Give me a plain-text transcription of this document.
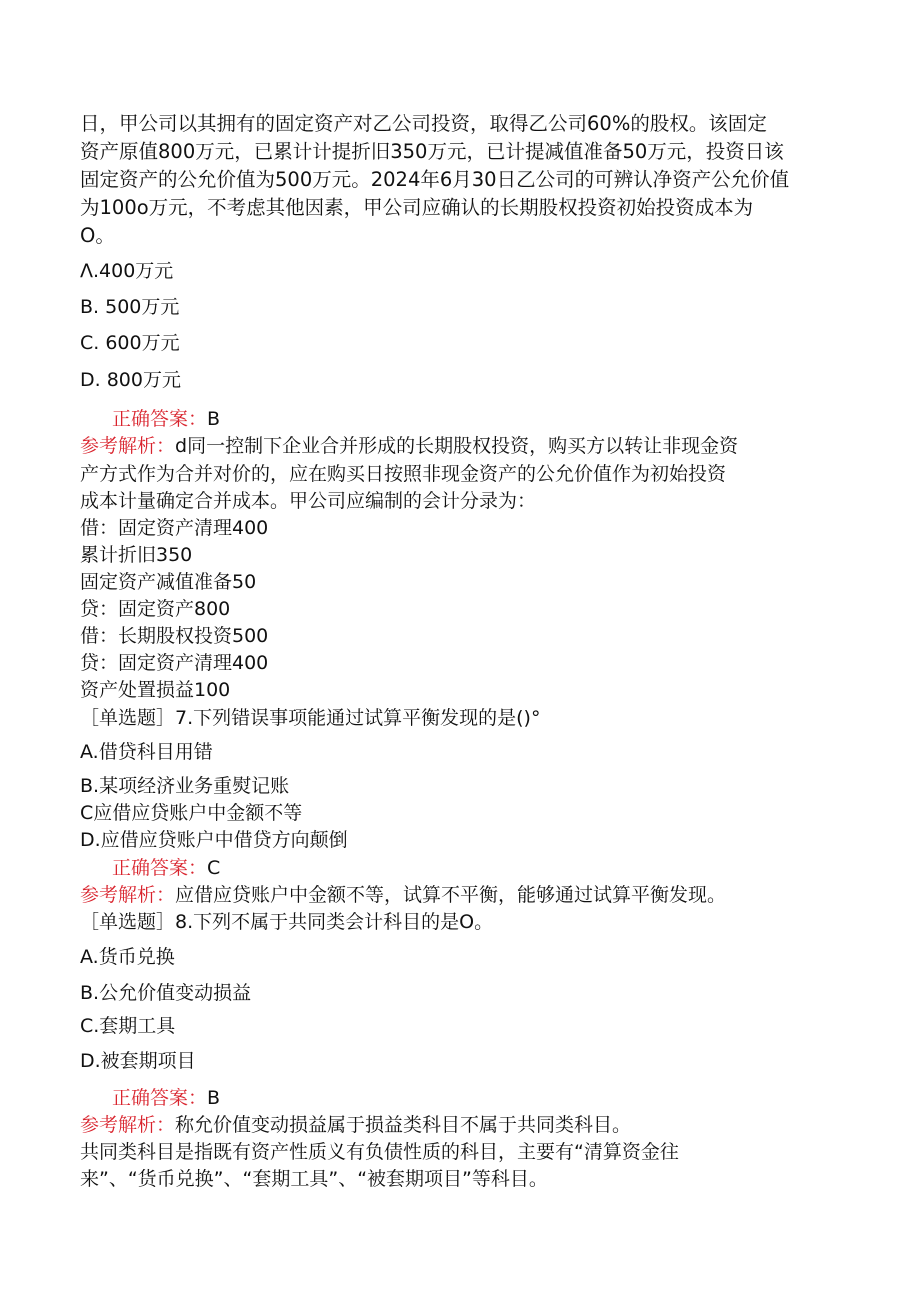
日，甲公司以其拥有的固定资产对乙公司投资，取得乙公司60%的股权。该固定
资产原值800万元，已累计计提折旧350万元，已计提减值准备50万元，投资日该
固定资产的公允价值为500万元。2024年6月30日乙公司的可辨认净资产公允价值
为100o万元，不考虑其他因素，甲公司应确认的长期股权投资初始投资成本为
O。
Λ.400万元
B. 500万元
C. 600万元
D. 800万元
正确答案：B
参考解析：d同一控制下企业合并形成的长期股权投资，购买方以转让非现金资
产方式作为合并对价的，应在购买日按照非现金资产的公允价值作为初始投资
成本计量确定合并成本。甲公司应编制的会计分录为：
借：固定资产清理400
累计折旧350
固定资产减值准备50
贷：固定资产800
借：长期股权投资500
贷：固定资产清理400
资产处置损益100
［单选题］7.下列错误事项能通过试算平衡发现的是()°
A.借贷科目用错
B.某项经济业务重熨记账
C应借应贷账户中金额不等
D.应借应贷账户中借贷方向颠倒
正确答案：C
参考解析：应借应贷账户中金额不等，试算不平衡，能够通过试算平衡发现。
［单选题］8.下列不属于共同类会计科目的是O。
A.货币兑换
B.公允价值变动损益
C.套期工具
D.被套期项目
正确答案：B
参考解析：称允价值变动损益属于损益类科目不属于共同类科目。
共同类科目是指既有资产性质义有负债性质的科目，主要有“清算资金往
来”、“货币兑换”、“套期工具”、“被套期项目”等科目。
